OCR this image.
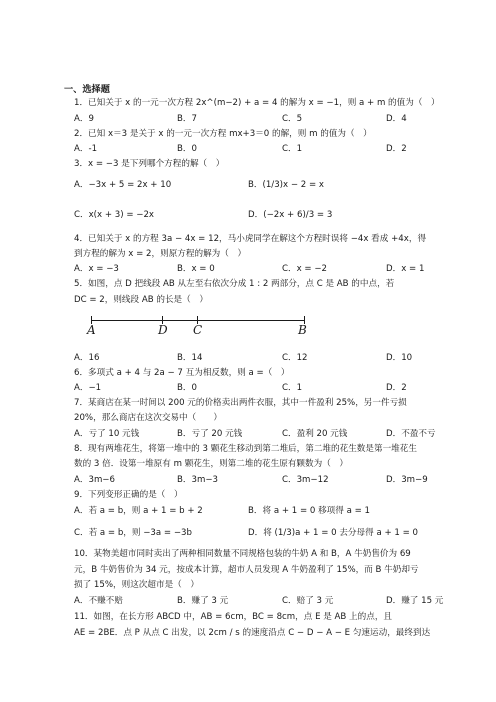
一、选择题
1．已知关于 x 的一元一次方程 2x^(m−2) + a = 4 的解为 x = −1，则 a + m 的值为（　）
A．9	B．7	C．5	D．4
2．已知 x＝3 是关于 x 的一元一次方程 mx+3＝0 的解，则 m 的值为（　）
A．-1	B．0	C．1	D．2
3．x = −3 是下列哪个方程的解（　）
A．−3x + 5 = 2x + 10	B．(1/3)x − 2 = x
C．x(x + 3) = −2x	D．(−2x + 6)/3 = 3
4．已知关于 x 的方程 3a − 4x = 12，马小虎同学在解这个方程时误将 −4x 看成 +4x，得
到方程的解为 x = 2，则原方程的解为（　）
A．x = −3	B．x = 0	C．x = −2	D．x = 1
5．如图，点 D 把线段 AB 从左至右依次分成 1 : 2 两部分，点 C 是 AB 的中点，若
DC = 2，则线段 AB 的长是（　）
A	D C	B
A．16	B．14	C．12	D．10
6．多项式 a + 4 与 2a − 7 互为相反数，则 a =（　）
A．−1	B．0	C．1	D．2
7．某商店在某一时间以 200 元的价格卖出两件衣服，其中一件盈利 25%，另一件亏损
20%，那么商店在这次交易中（　　）
A．亏了 10 元钱	B．亏了 20 元钱	C．盈利 20 元钱	D．不盈不亏
8．现有两堆花生，将第一堆中的 3 颗花生移动到第二堆后，第二堆的花生数是第一堆花生
数的 3 倍．设第一堆原有 m 颗花生，则第二堆的花生原有颗数为（　）
A．3m−6	B．3m−3	C．3m−12	D．3m−9
9．下列变形正确的是（　）
A．若 a = b，则 a + 1 = b + 2	B．将 a + 1 = 0 移项得 a = 1
C．若 a = b，则 −3a = −3b	D．将 (1/3)a + 1 = 0 去分母得 a + 1 = 0
10．某物美超市同时卖出了两种相同数量不同规格包装的牛奶 A 和 B，A 牛奶售价为 69
元，B 牛奶售价为 34 元，按成本计算，超市人员发现 A 牛奶盈利了 15%，而 B 牛奶却亏
损了 15%，则这次超市是（　）
A．不赚不赔	B．赚了 3 元	C．赔了 3 元	D．赚了 15 元
11．如图，在长方形 ABCD 中，AB = 6cm，BC = 8cm，点 E 是 AB 上的点，且
AE = 2BE．点 P 从点 C 出发，以 2cm / s 的速度沿点 C − D − A − E 匀速运动，最终到达
